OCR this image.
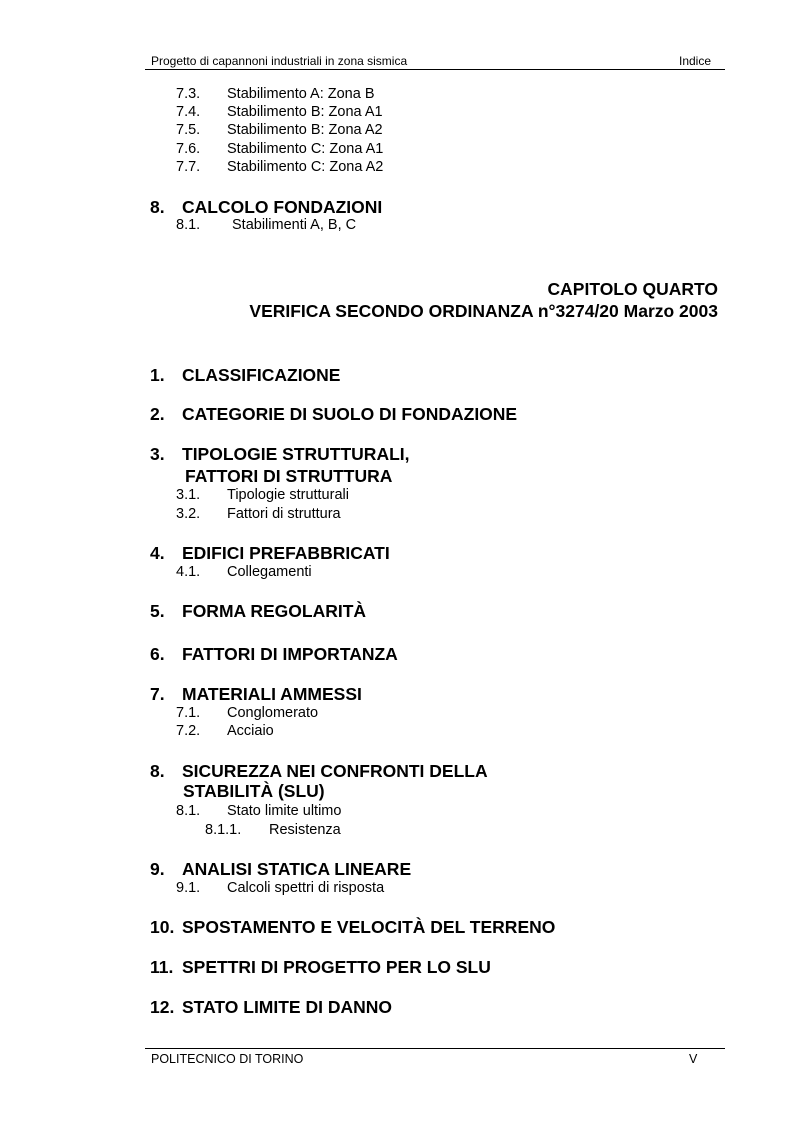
Progetto di capannoni industriali in zona sismica	Indice
7.3. Stabilimento A: Zona B
7.4. Stabilimento B: Zona A1
7.5. Stabilimento B: Zona A2
7.6. Stabilimento C: Zona A1
7.7. Stabilimento C: Zona A2
8. CALCOLO FONDAZIONI
8.1. Stabilimenti A, B, C
CAPITOLO QUARTO
VERIFICA SECONDO ORDINANZA n°3274/20 Marzo 2003
1. CLASSIFICAZIONE
2. CATEGORIE DI SUOLO DI FONDAZIONE
3. TIPOLOGIE STRUTTURALI,
FATTORI DI STRUTTURA
3.1. Tipologie strutturali
3.2. Fattori di struttura
4. EDIFICI PREFABBRICATI
4.1. Collegamenti
5. FORMA REGOLARITÀ
6. FATTORI DI IMPORTANZA
7. MATERIALI AMMESSI
7.1. Conglomerato
7.2. Acciaio
8. SICUREZZA NEI CONFRONTI DELLA
STABILITÀ (SLU)
8.1. Stato limite ultimo
8.1.1. Resistenza
9. ANALISI STATICA LINEARE
9.1. Calcoli spettri di risposta
10. SPOSTAMENTO E VELOCITÀ DEL TERRENO
11. SPETTRI DI PROGETTO PER LO SLU
12. STATO LIMITE DI DANNO
POLITECNICO DI TORINO	V
